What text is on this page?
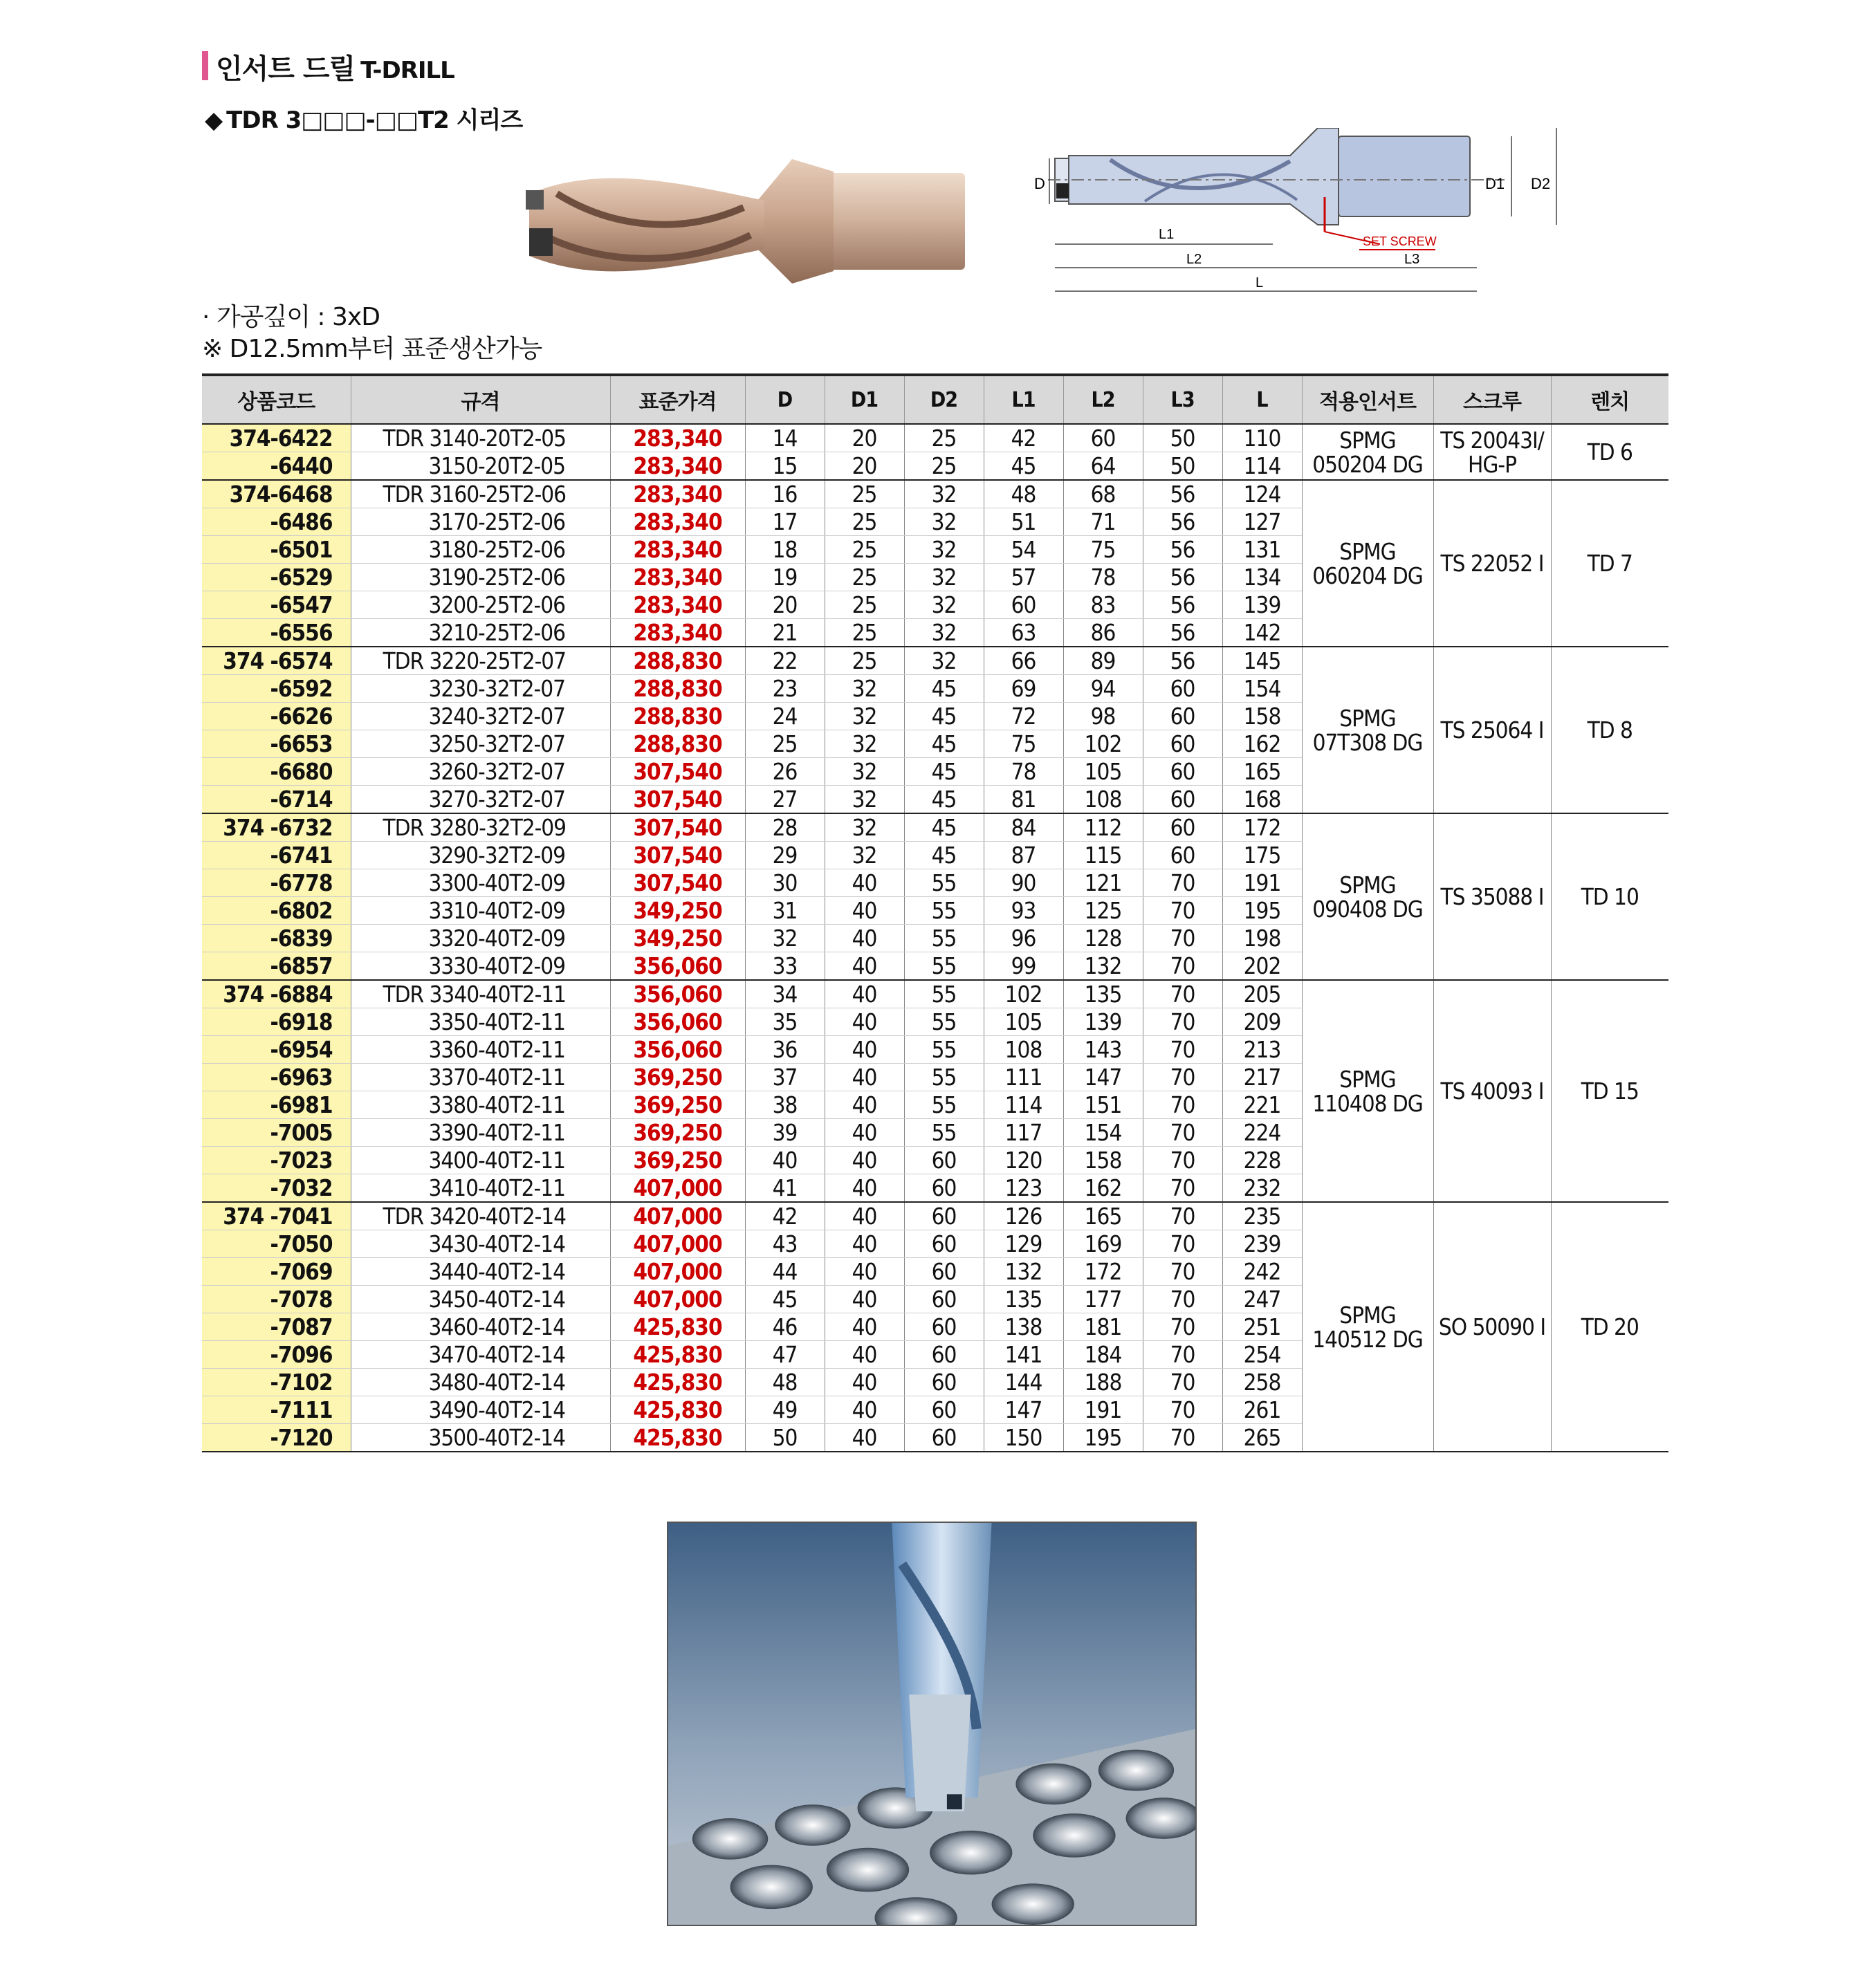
인서트 드릴 T-DRILL
◆ TDR 3□□□-□□T2 시리즈
D	D1 D2
SET SCREW
L1
L2	L3
L
· 가공깊이 : 3xD
※ D12.5mm부터 표준생산가능
상품코드	규격	표준가격	D	D1	D2	L1	L2	L3	L	적용인서트	스크루	렌치
374-6422	TDR 3140-20T2-05	283,340	14	20	25	42	60	50	110	SPMG 050204 DG	TS 20043I/ HG-P	TD 6
-6440	3150-20T2-05	283,340	15	20	25	45	64	50	114			
374-6468	TDR 3160-25T2-06	283,340	16	25	32	48	68	56	124	SPMG 060204 DG	TS 22052 I	TD 7
-6486	3170-25T2-06	283,340	17	25	32	51	71	56	127			
-6501	3180-25T2-06	283,340	18	25	32	54	75	56	131			
-6529	3190-25T2-06	283,340	19	25	32	57	78	56	134			
-6547	3200-25T2-06	283,340	20	25	32	60	83	56	139			
-6556	3210-25T2-06	283,340	21	25	32	63	86	56	142			
374 -6574	TDR 3220-25T2-07	288,830	22	25	32	66	89	56	145	SPMG 07T308 DG	TS 25064 I	TD 8
-6592	3230-32T2-07	288,830	23	32	45	69	94	60	154			
-6626	3240-32T2-07	288,830	24	32	45	72	98	60	158			
-6653	3250-32T2-07	288,830	25	32	45	75	102	60	162			
-6680	3260-32T2-07	307,540	26	32	45	78	105	60	165			
-6714	3270-32T2-07	307,540	27	32	45	81	108	60	168			
374 -6732	TDR 3280-32T2-09	307,540	28	32	45	84	112	60	172	SPMG 090408 DG	TS 35088 I	TD 10
-6741	3290-32T2-09	307,540	29	32	45	87	115	60	175			
-6778	3300-40T2-09	307,540	30	40	55	90	121	70	191			
-6802	3310-40T2-09	349,250	31	40	55	93	125	70	195			
-6839	3320-40T2-09	349,250	32	40	55	96	128	70	198			
-6857	3330-40T2-09	356,060	33	40	55	99	132	70	202			
374 -6884	TDR 3340-40T2-11	356,060	34	40	55	102	135	70	205	SPMG 110408 DG	TS 40093 I	TD 15
-6918	3350-40T2-11	356,060	35	40	55	105	139	70	209			
-6954	3360-40T2-11	356,060	36	40	55	108	143	70	213			
-6963	3370-40T2-11	369,250	37	40	55	111	147	70	217			
-6981	3380-40T2-11	369,250	38	40	55	114	151	70	221			
-7005	3390-40T2-11	369,250	39	40	55	117	154	70	224			
-7023	3400-40T2-11	369,250	40	40	60	120	158	70	228			
-7032	3410-40T2-11	407,000	41	40	60	123	162	70	232			
374 -7041	TDR 3420-40T2-14	407,000	42	40	60	126	165	70	235	SPMG 140512 DG	SO 50090 I	TD 20
-7050	3430-40T2-14	407,000	43	40	60	129	169	70	239			
-7069	3440-40T2-14	407,000	44	40	60	132	172	70	242			
-7078	3450-40T2-14	407,000	45	40	60	135	177	70	247			
-7087	3460-40T2-14	425,830	46	40	60	138	181	70	251			
-7096	3470-40T2-14	425,830	47	40	60	141	184	70	254			
-7102	3480-40T2-14	425,830	48	40	60	144	188	70	258			
-7111	3490-40T2-14	425,830	49	40	60	147	191	70	261			
-7120	3500-40T2-14	425,830	50	40	60	150	195	70	265			
